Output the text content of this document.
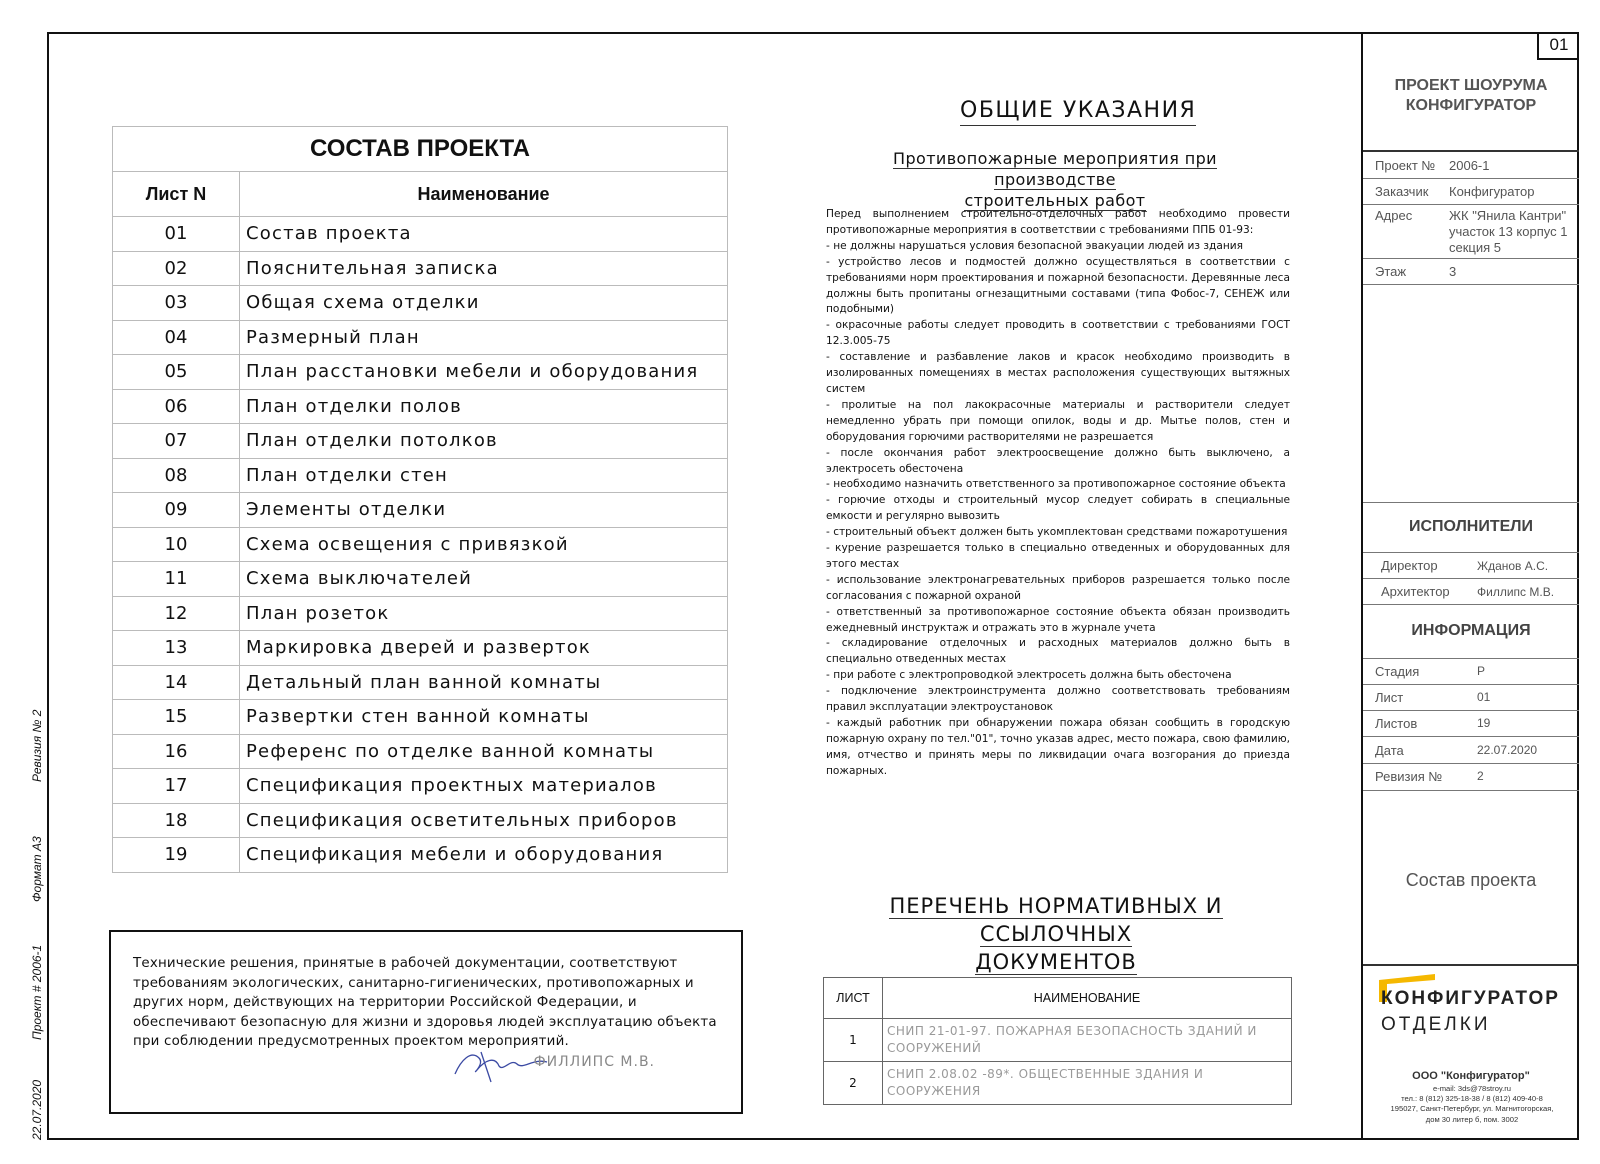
Ревизия № 2
Формат А3
Проект # 2006-1
22.07.2020
СОСТАВ ПРОЕКТА	
Лист N	Наименование
01	Состав проекта
02	Пояснительная записка
03	Общая схема отделки
04	Размерный план
05	План расстановки мебели и оборудования
06	План отделки полов
07	План отделки потолков
08	План отделки стен
09	Элементы отделки
10	Схема освещения с привязкой
11	Схема выключателей
12	План розеток
13	Маркировка дверей и разверток
14	Детальный план ванной комнаты
15	Развертки стен ванной комнаты
16	Референс по отделке ванной комнаты
17	Спецификация проектных материалов
18	Спецификация осветительных приборов
19	Спецификация мебели и оборудования
Технические решения, принятые в рабочей документации, соответствуют требованиям экологических, санитарно-гигиенических, противопожарных и других норм, действующих на территории Российской Федерации, и обеспечивают безопасную для жизни и здоровья людей эксплуатацию объекта при соблюдении предусмотренных проектом мероприятий.
ФИЛЛИПС М.В.
ОБЩИЕ УКАЗАНИЯ
Противопожарные мероприятия при производстве
строительных работ

Перед выполнением строительно-отделочных работ необходимо провести противопожарные мероприятия в соответствии с требованиями ППБ 01-93:

- не должны нарушаться условия безопасной эвакуации людей из здания

- устройство лесов и подмостей должно осуществляться в соответствии с требованиями норм проектирования и пожарной безопасности. Деревянные леса должны быть пропитаны огнезащитными составами (типа Фобос-7, СЕНЕЖ или подобными)

- окрасочные работы следует проводить в соответствии с требованиями ГОСТ 12.3.005-75

- составление и разбавление лаков и красок необходимо производить в изолированных помещениях в местах расположения существующих вытяжных систем

- пролитые на пол лакокрасочные материалы и растворители следует немедленно убрать при помощи опилок, воды и др. Мытье полов, стен и оборудования горючими растворителями не разрешается

- после окончания работ электроосвещение должно быть выключено, а электросеть обесточена

- необходимо назначить ответственного за противопожарное состояние объекта

- горючие отходы и строительный мусор следует собирать в специальные емкости и регулярно вывозить

- строительный объект должен быть укомплектован средствами пожаротушения

- курение разрешается только в специально отведенных и оборудованных для этого местах

- использование электронагревательных приборов разрешается только после согласования с пожарной охраной

- ответственный за противопожарное состояние объекта обязан производить ежедневный инструктаж и отражать это в журнале учета

- складирование отделочных и расходных материалов должно быть в специально отведенных местах

- при работе с электропроводкой электросеть должна быть обесточена

- подключение электроинструмента должно соответствовать требованиям правил эксплуатации электроустановок

- каждый работник при обнаружении пожара обязан сообщить в городскую пожарную охрану по тел."01", точно указав адрес, место пожара, свою фамилию, имя, отчество и принять меры по ликвидации очага возгорания до приезда пожарных.

ПЕРЕЧЕНЬ НОРМАТИВНЫХ И ССЫЛОЧНЫХ
ДОКУМЕНТОВ
ЛИСТ	НАИМЕНОВАНИЕ
1	СНИП 21-01-97. ПОЖАРНАЯ БЕЗОПАСНОСТЬ ЗДАНИЙ И СООРУЖЕНИЙ
2	СНИП 2.08.02 -89*. ОБЩЕСТВЕННЫЕ ЗДАНИЯ И СООРУЖЕНИЯ
01
ПРОЕКТ ШОУРУМА
КОНФИГУРАТОР
Проект № 2006-1
Заказчик Конфигуратор
Адрес	ЖК "Янила Кантри"
участок 13 корпус 1
секция 5
Этаж	3
ИСПОЛНИТЕЛИ
Директор	Жданов А.С.
Архитектор Филлипс М.В.
ИНФОРМАЦИЯ
Стадия	Р
Лист	01
Листов	19
Дата	22.07.2020
Ревизия №	2
Состав проекта
КОНФИГУРАТОР
ОТДЕЛКИ
ООО "Конфигуратор"
e-mail: 3ds@78stroy.ru
тел.: 8 (812) 325-18-38 / 8 (812) 409-40-8
195027, Санкт-Петербург, ул. Магнитогорская,
дом 30 литер б, пом. 3002
